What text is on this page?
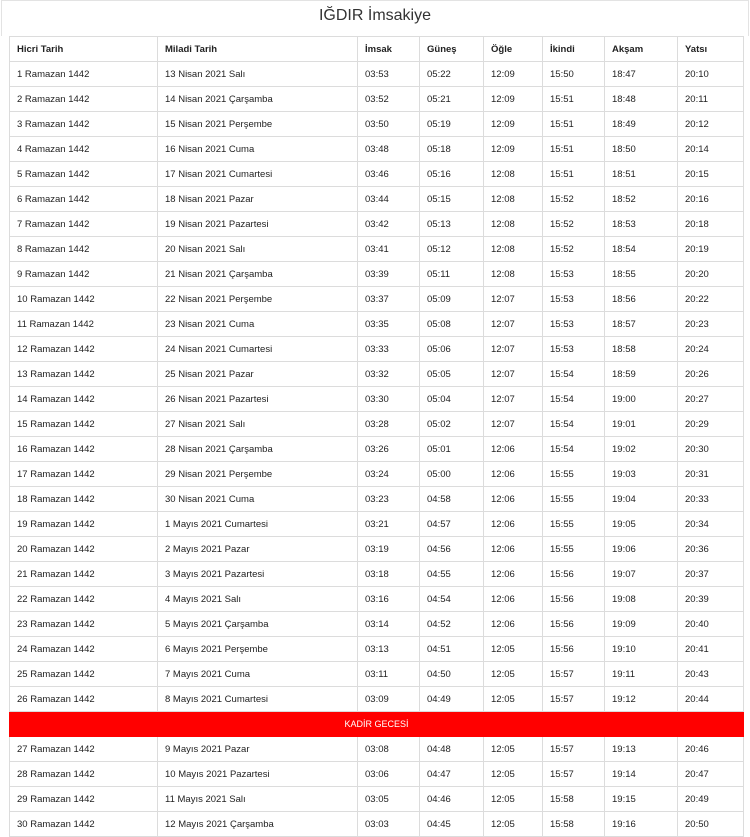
IĞDIR İmsakiye
Hicri Tarih	Miladi Tarih	İmsak	Güneş	Öğle	İkindi	Akşam	Yatsı
1 Ramazan 1442	13 Nisan 2021 Salı	03:53	05:22	12:09	15:50	18:47	20:10
2 Ramazan 1442	14 Nisan 2021 Çarşamba	03:52	05:21	12:09	15:51	18:48	20:11
3 Ramazan 1442	15 Nisan 2021 Perşembe	03:50	05:19	12:09	15:51	18:49	20:12
4 Ramazan 1442	16 Nisan 2021 Cuma	03:48	05:18	12:09	15:51	18:50	20:14
5 Ramazan 1442	17 Nisan 2021 Cumartesi	03:46	05:16	12:08	15:51	18:51	20:15
6 Ramazan 1442	18 Nisan 2021 Pazar	03:44	05:15	12:08	15:52	18:52	20:16
7 Ramazan 1442	19 Nisan 2021 Pazartesi	03:42	05:13	12:08	15:52	18:53	20:18
8 Ramazan 1442	20 Nisan 2021 Salı	03:41	05:12	12:08	15:52	18:54	20:19
9 Ramazan 1442	21 Nisan 2021 Çarşamba	03:39	05:11	12:08	15:53	18:55	20:20
10 Ramazan 1442	22 Nisan 2021 Perşembe	03:37	05:09	12:07	15:53	18:56	20:22
11 Ramazan 1442	23 Nisan 2021 Cuma	03:35	05:08	12:07	15:53	18:57	20:23
12 Ramazan 1442	24 Nisan 2021 Cumartesi	03:33	05:06	12:07	15:53	18:58	20:24
13 Ramazan 1442	25 Nisan 2021 Pazar	03:32	05:05	12:07	15:54	18:59	20:26
14 Ramazan 1442	26 Nisan 2021 Pazartesi	03:30	05:04	12:07	15:54	19:00	20:27
15 Ramazan 1442	27 Nisan 2021 Salı	03:28	05:02	12:07	15:54	19:01	20:29
16 Ramazan 1442	28 Nisan 2021 Çarşamba	03:26	05:01	12:06	15:54	19:02	20:30
17 Ramazan 1442	29 Nisan 2021 Perşembe	03:24	05:00	12:06	15:55	19:03	20:31
18 Ramazan 1442	30 Nisan 2021 Cuma	03:23	04:58	12:06	15:55	19:04	20:33
19 Ramazan 1442	1 Mayıs 2021 Cumartesi	03:21	04:57	12:06	15:55	19:05	20:34
20 Ramazan 1442	2 Mayıs 2021 Pazar	03:19	04:56	12:06	15:55	19:06	20:36
21 Ramazan 1442	3 Mayıs 2021 Pazartesi	03:18	04:55	12:06	15:56	19:07	20:37
22 Ramazan 1442	4 Mayıs 2021 Salı	03:16	04:54	12:06	15:56	19:08	20:39
23 Ramazan 1442	5 Mayıs 2021 Çarşamba	03:14	04:52	12:06	15:56	19:09	20:40
24 Ramazan 1442	6 Mayıs 2021 Perşembe	03:13	04:51	12:05	15:56	19:10	20:41
25 Ramazan 1442	7 Mayıs 2021 Cuma	03:11	04:50	12:05	15:57	19:11	20:43
26 Ramazan 1442	8 Mayıs 2021 Cumartesi	03:09	04:49	12:05	15:57	19:12	20:44
KADİR GECESİ							
27 Ramazan 1442	9 Mayıs 2021 Pazar	03:08	04:48	12:05	15:57	19:13	20:46
28 Ramazan 1442	10 Mayıs 2021 Pazartesi	03:06	04:47	12:05	15:57	19:14	20:47
29 Ramazan 1442	11 Mayıs 2021 Salı	03:05	04:46	12:05	15:58	19:15	20:49
30 Ramazan 1442	12 Mayıs 2021 Çarşamba	03:03	04:45	12:05	15:58	19:16	20:50
